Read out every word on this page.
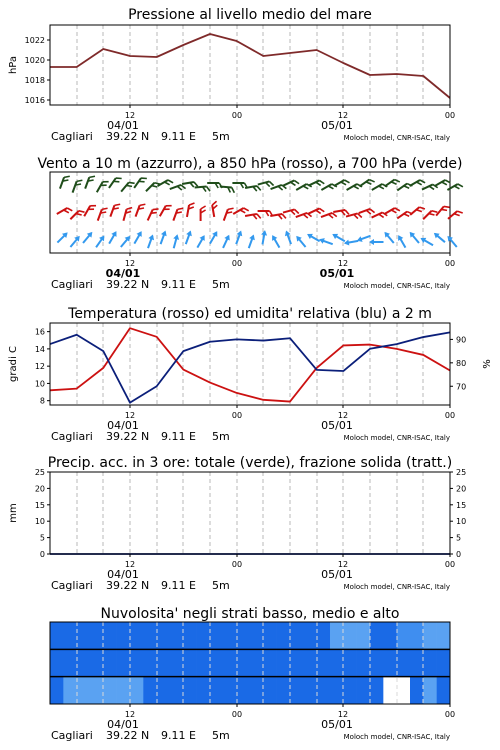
Pressione al livello medio del mare
1016
1018
1020
1022
hPa
12	00	12	00
04/01	05/01
Cagliari 39.22 N 9.11 E 5m	Moloch model, CNR-ISAC, Italy
Vento a 10 m (azzurro), a 850 hPa (rosso), a 700 hPa (verde)
12	00	12	00
04/01	05/01
Cagliari 39.22 N 9.11 E 5m	Moloch model, CNR-ISAC, Italy
Temperatura (rosso) ed umidita' relativa (blu) a 2 m
8
10
12
14
16
70
80
90
gradi C	%
12	00	12	00
04/01	05/01
Cagliari 39.22 N 9.11 E 5m	Moloch model, CNR-ISAC, Italy
Precip. acc. in 3 ore: totale (verde), frazione solida (tratt.)
0
5
10
15
20
25
0
5
10
15
20
25
mm
12	00	12	00
04/01	05/01
Cagliari 39.22 N 9.11 E 5m	Moloch model, CNR-ISAC, Italy
Nuvolosita' negli strati basso, medio e alto
12	00	12	00
04/01	05/01
Cagliari 39.22 N 9.11 E 5m	Moloch model, CNR-ISAC, Italy
